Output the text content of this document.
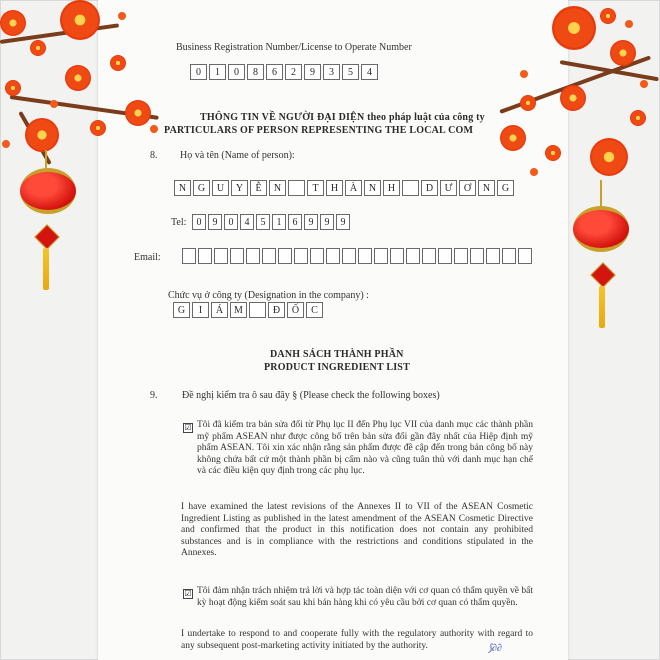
Business Registration Number/License to Operate Number
0	1	0	8	6	2	9	3	5	4
THÔNG TIN VỀ NGƯỜI ĐẠI DIỆN theo pháp luật của công ty
PARTICULARS OF PERSON REPRESENTING THE LOCAL COM
8. Họ và tên (Name of person):
N	G	U	Y	Ễ	N	T	H	À	N	H	D	Ư	Ơ	N	G
Tel:	0	9	0	4	5	1	6	9	9	9
Email:
Chức vụ ở công ty (Designation in the company) :
G	I	Á	M	Đ	Ố	C
DANH SÁCH THÀNH PHẦN
PRODUCT INGREDIENT LIST
9. Đề nghị kiểm tra ô sau đây § (Please check the following boxes)
☑ Tôi đã kiểm tra bản sửa đổi từ Phụ lục II đến Phụ lục VII của danh mục các thành phần mỹ phẩm ASEAN như được công bố trên bản sửa đổi gần đây nhất của Hiệp định mỹ phẩm ASEAN. Tôi xin xác nhận rằng sản phẩm được đề cập đến trong bản công bố này không chứa bất cứ một thành phần bị cấm nào và cũng tuân thủ với danh mục hạn chế và các điều kiện quy định trong các phụ lục.
I have examined the latest revisions of the Annexes II to VII of the ASEAN Cosmetic Ingredient Listing as published in the latest amendment of the ASEAN Cosmetic Directive and confirmed that the product in this notification does not contain any prohibited substances and is in compliance with the restrictions and conditions stipulated in the Annexes.
☑ Tôi đảm nhận trách nhiệm trả lời và hợp tác toàn diện với cơ quan có thẩm quyền về bất kỳ hoạt động kiểm soát sau khi bán hàng khi có yêu cầu bởi cơ quan có thẩm quyền.
I undertake to respond to and cooperate fully with the regulatory authority with regard to any subsequent post-marketing activity initiated by the authority.	⟆∂∂
